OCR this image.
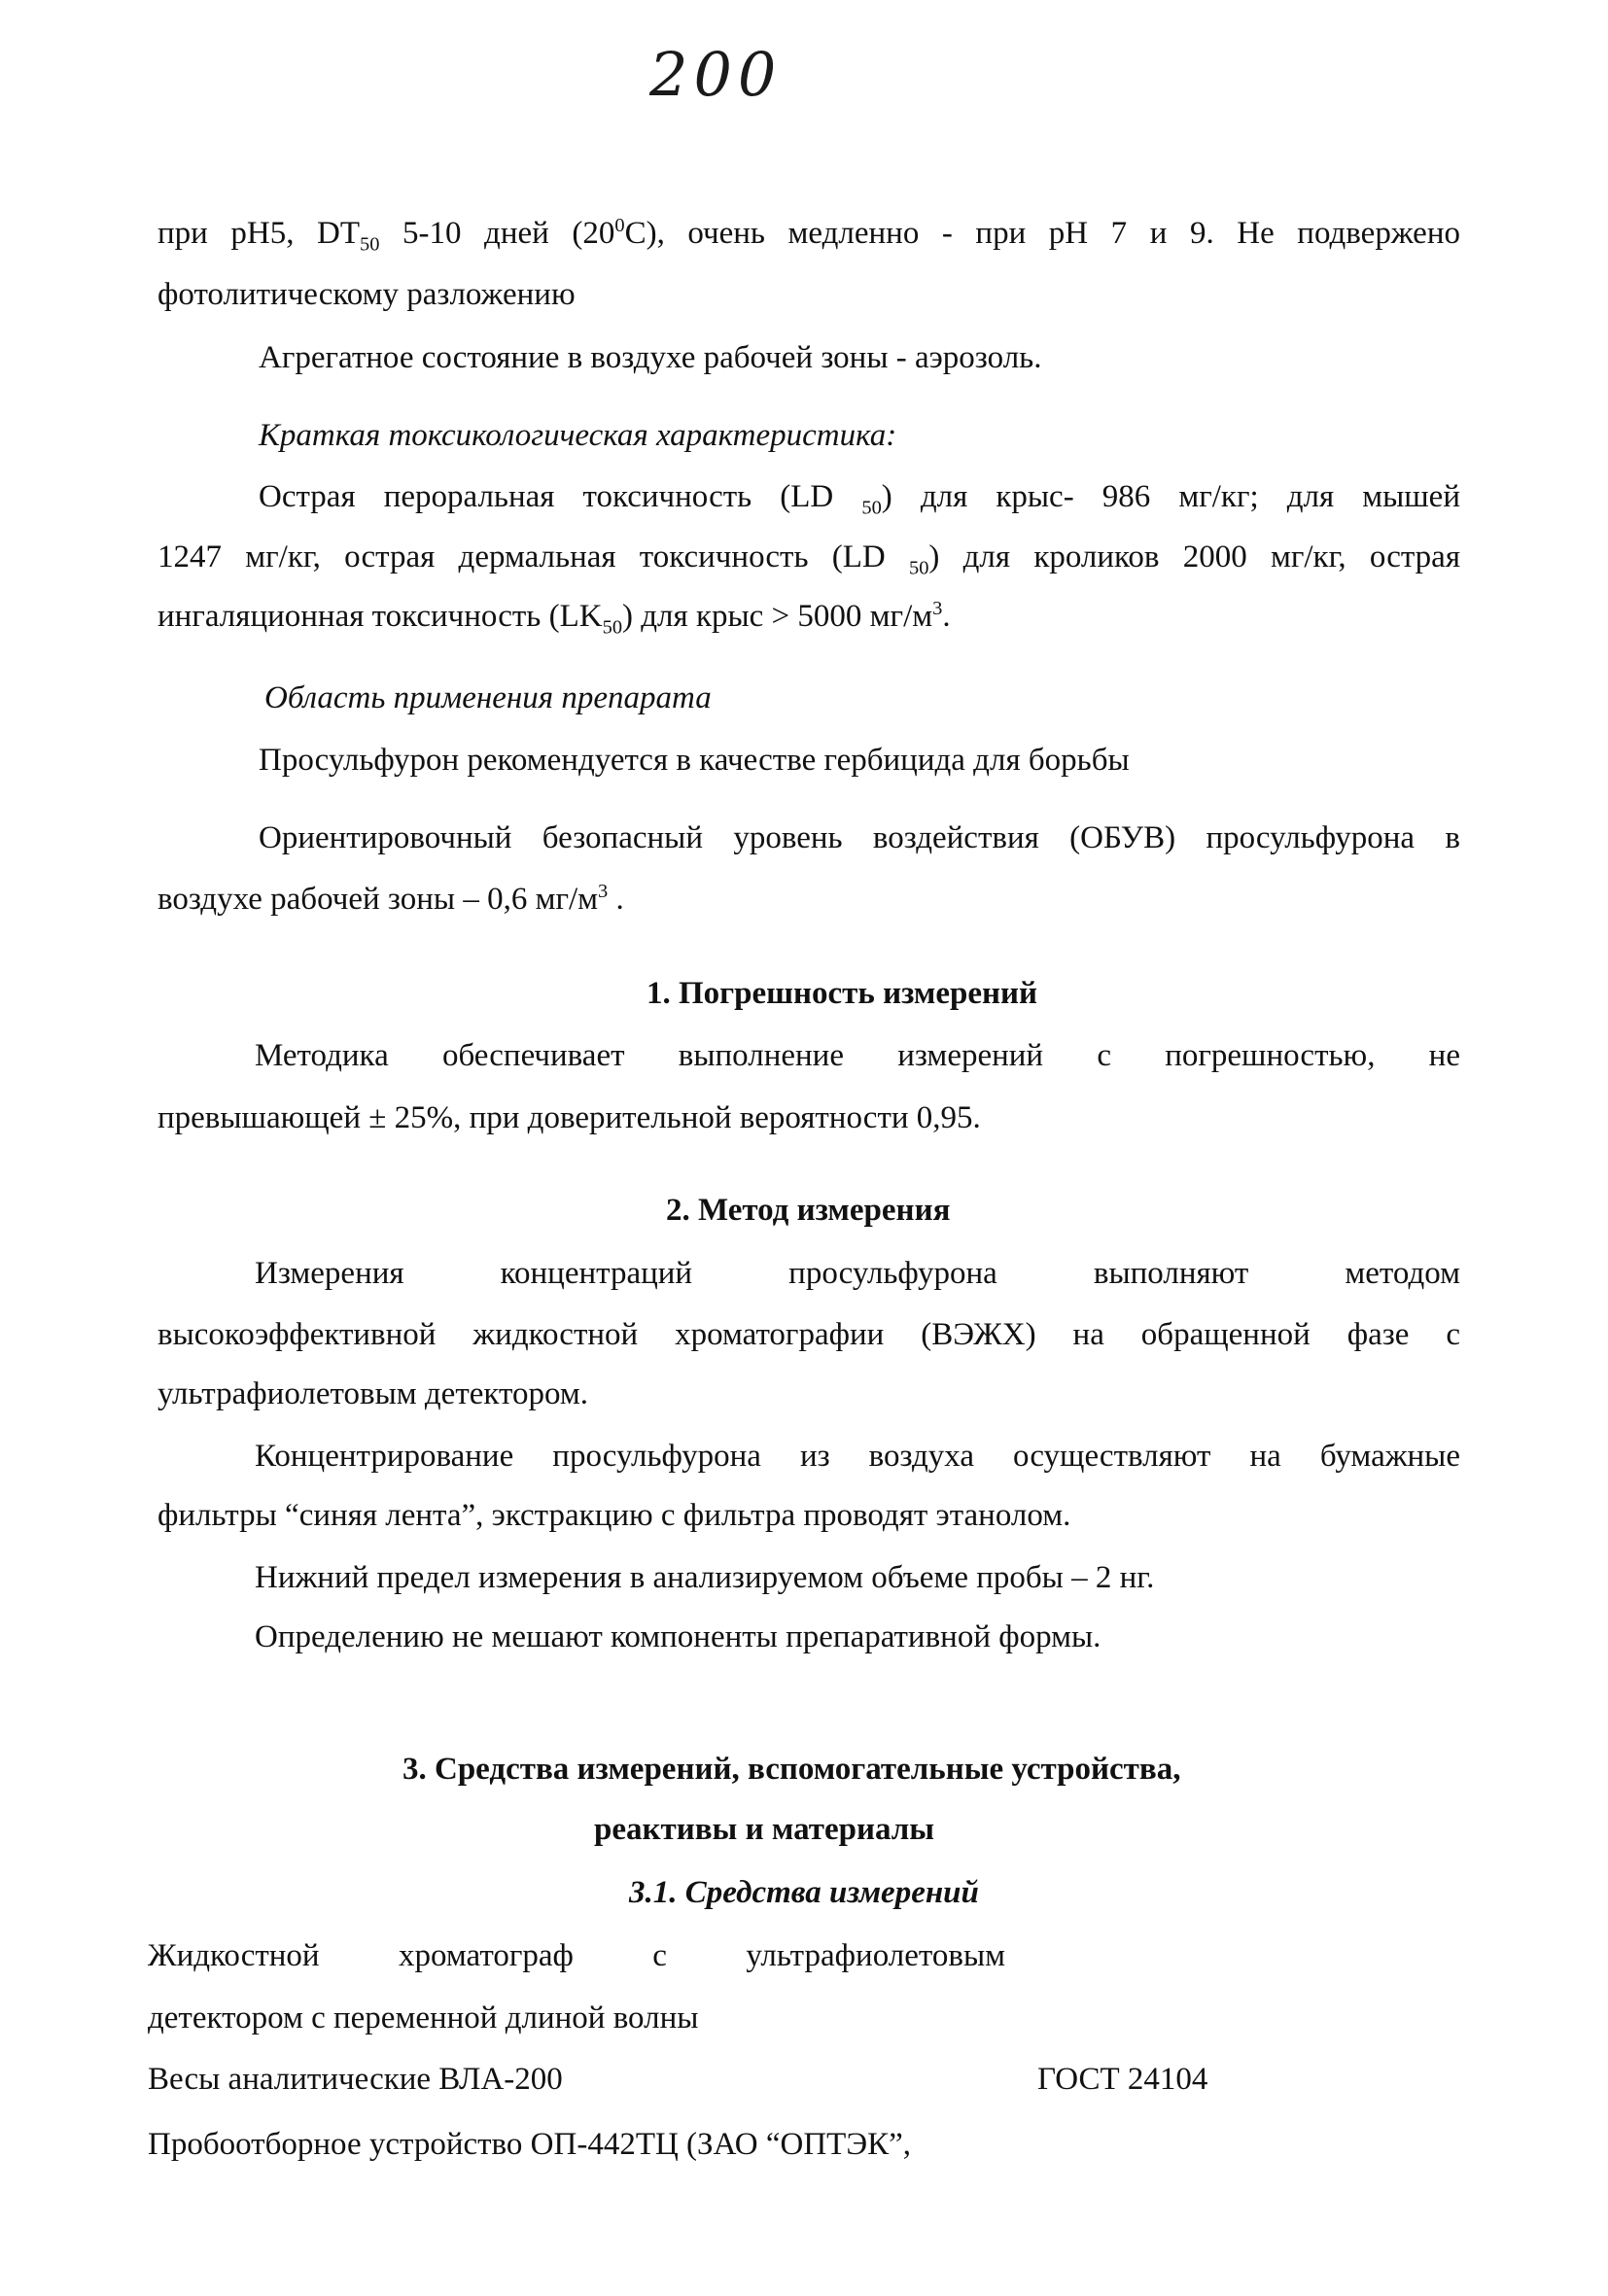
200
при pH5, $DT_{50}$ 5-10 дней $(20^0C)$, очень медленно - при pH 7 и 9. Не подвержено
фотолитическому разложению
Агрегатное состояние в воздухе рабочей зоны - аэрозоль.
Краткая токсикологическая характеристика:
Острая пероральная токсичность (LD $_{50}$) для крыс- 986 мг/кг; для мышей
1247 мг/кг, острая дермальная токсичность (LD $_{50}$) для кроликов 2000 мг/кг, острая
ингаляционная токсичность $(LK_{50})$ для крыс > 5000 $мг/м^3$.
Область применения препарата
Просульфурон рекомендуется в качестве гербицида для борьбы
Ориентировочный безопасный уровень воздействия (ОБУВ) просульфурона в
воздухе рабочей зоны – 0,6 $мг/м^3$ .
1. Погрешность измерений
Методика обеспечивает выполнение измерений с погрешностью, не
превышающей ± 25%, при доверительной вероятности 0,95.
2. Метод измерения
Измерения концентраций просульфурона выполняют методом
высокоэффективной жидкостной хроматографии (ВЭЖХ) на обращенной фазе с
ультрафиолетовым детектором.
Концентрирование просульфурона из воздуха осуществляют на бумажные
фильтры “синяя лента”, экстракцию с фильтра проводят этанолом.
Нижний предел измерения в анализируемом объеме пробы – 2 нг.
Определению не мешают компоненты препаративной формы.
3. Средства измерений, вспомогательные устройства,
реактивы и материалы
3.1. Средства измерений
Жидкостной хроматограф с ультрафиолетовым
детектором с переменной длиной волны
Весы аналитические ВЛА-200	ГОСТ 24104
Пробоотборное устройство ОП-442ТЦ (ЗАО “ОПТЭК”,
